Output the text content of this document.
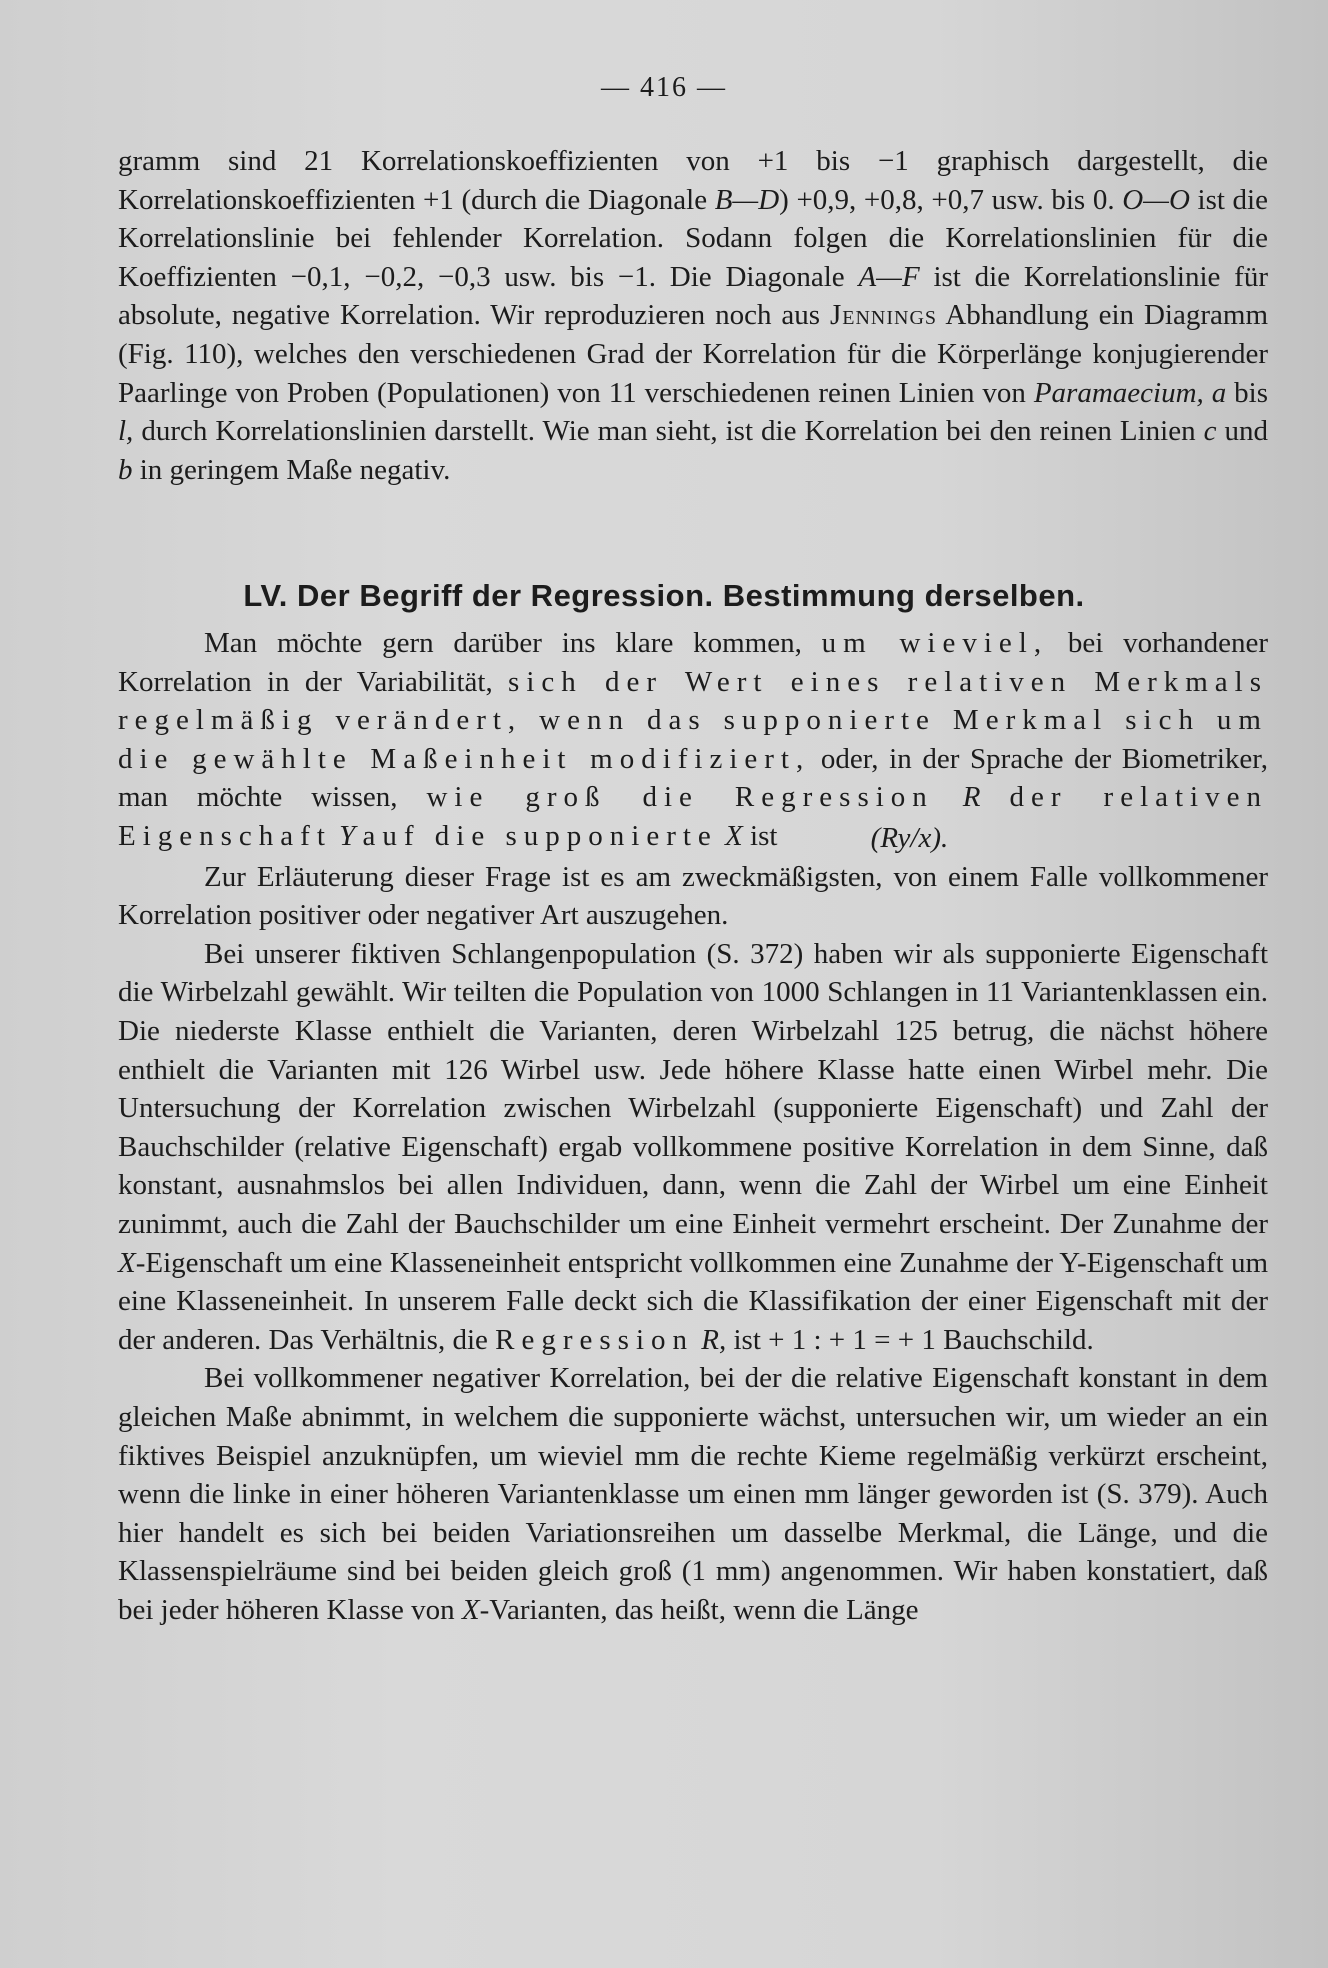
— 416 —

gramm sind 21 Korrelationskoeffizienten von +1 bis −1 graphisch dargestellt, die Korrelationskoeffizienten +1 (durch die Diagonale B—D) +0,9, +0,8, +0,7 usw. bis 0. O—O ist die Korrelationslinie bei fehlender Korrelation. Sodann folgen die Korrelationslinien für die Koeffizienten −0,1, −0,2, −0,3 usw. bis −1. Die Diagonale A—F ist die Korrelationslinie für absolute, negative Korrelation. Wir reproduzieren noch aus Jennings Abhandlung ein Diagramm (Fig. 110), welches den verschiedenen Grad der Korrelation für die Körperlänge konjugierender Paarlinge von Proben (Populationen) von 11 verschiedenen reinen Linien von Paramaecium, a bis l, durch Korrelationslinien darstellt. Wie man sieht, ist die Korrelation bei den reinen Linien c und b in geringem Maße negativ.

LV. Der Begriff der Regression. Bestimmung derselben.

Man möchte gern darüber ins klare kommen, um wieviel, bei vorhandener Korrelation in der Variabilität, sich der Wert eines relativen Merkmals regelmäßig verändert, wenn das supponierte Merkmal sich um die gewählte Maßeinheit modifiziert, oder, in der Sprache der Biometriker, man möchte wissen, wie groß die Regression R der relativen Eigenschaft Y auf die supponierte X ist	(Ry/x).

Zur Erläuterung dieser Frage ist es am zweckmäßigsten, von einem Falle vollkommener Korrelation positiver oder negativer Art auszugehen.

Bei unserer fiktiven Schlangenpopulation (S. 372) haben wir als supponierte Eigenschaft die Wirbelzahl gewählt. Wir teilten die Population von 1000 Schlangen in 11 Variantenklassen ein. Die niederste Klasse enthielt die Varianten, deren Wirbelzahl 125 betrug, die nächst höhere enthielt die Varianten mit 126 Wirbel usw. Jede höhere Klasse hatte einen Wirbel mehr. Die Untersuchung der Korrelation zwischen Wirbelzahl (supponierte Eigenschaft) und Zahl der Bauchschilder (relative Eigenschaft) ergab vollkommene positive Korrelation in dem Sinne, daß konstant, ausnahmslos bei allen Individuen, dann, wenn die Zahl der Wirbel um eine Einheit zunimmt, auch die Zahl der Bauchschilder um eine Einheit vermehrt erscheint. Der Zunahme der X-Eigenschaft um eine Klasseneinheit entspricht vollkommen eine Zunahme der Y-Eigenschaft um eine Klasseneinheit. In unserem Falle deckt sich die Klassifikation der einer Eigenschaft mit der der anderen. Das Verhältnis, die Regression R, ist + 1 : + 1 = + 1 Bauchschild.

Bei vollkommener negativer Korrelation, bei der die relative Eigenschaft konstant in dem gleichen Maße abnimmt, in welchem die supponierte wächst, untersuchen wir, um wieder an ein fiktives Beispiel anzuknüpfen, um wieviel mm die rechte Kieme regelmäßig verkürzt erscheint, wenn die linke in einer höheren Variantenklasse um einen mm länger geworden ist (S. 379). Auch hier handelt es sich bei beiden Variationsreihen um dasselbe Merkmal, die Länge, und die Klassenspielräume sind bei beiden gleich groß (1 mm) angenommen. Wir haben konstatiert, daß bei jeder höheren Klasse von X-Varianten, das heißt, wenn die Länge
